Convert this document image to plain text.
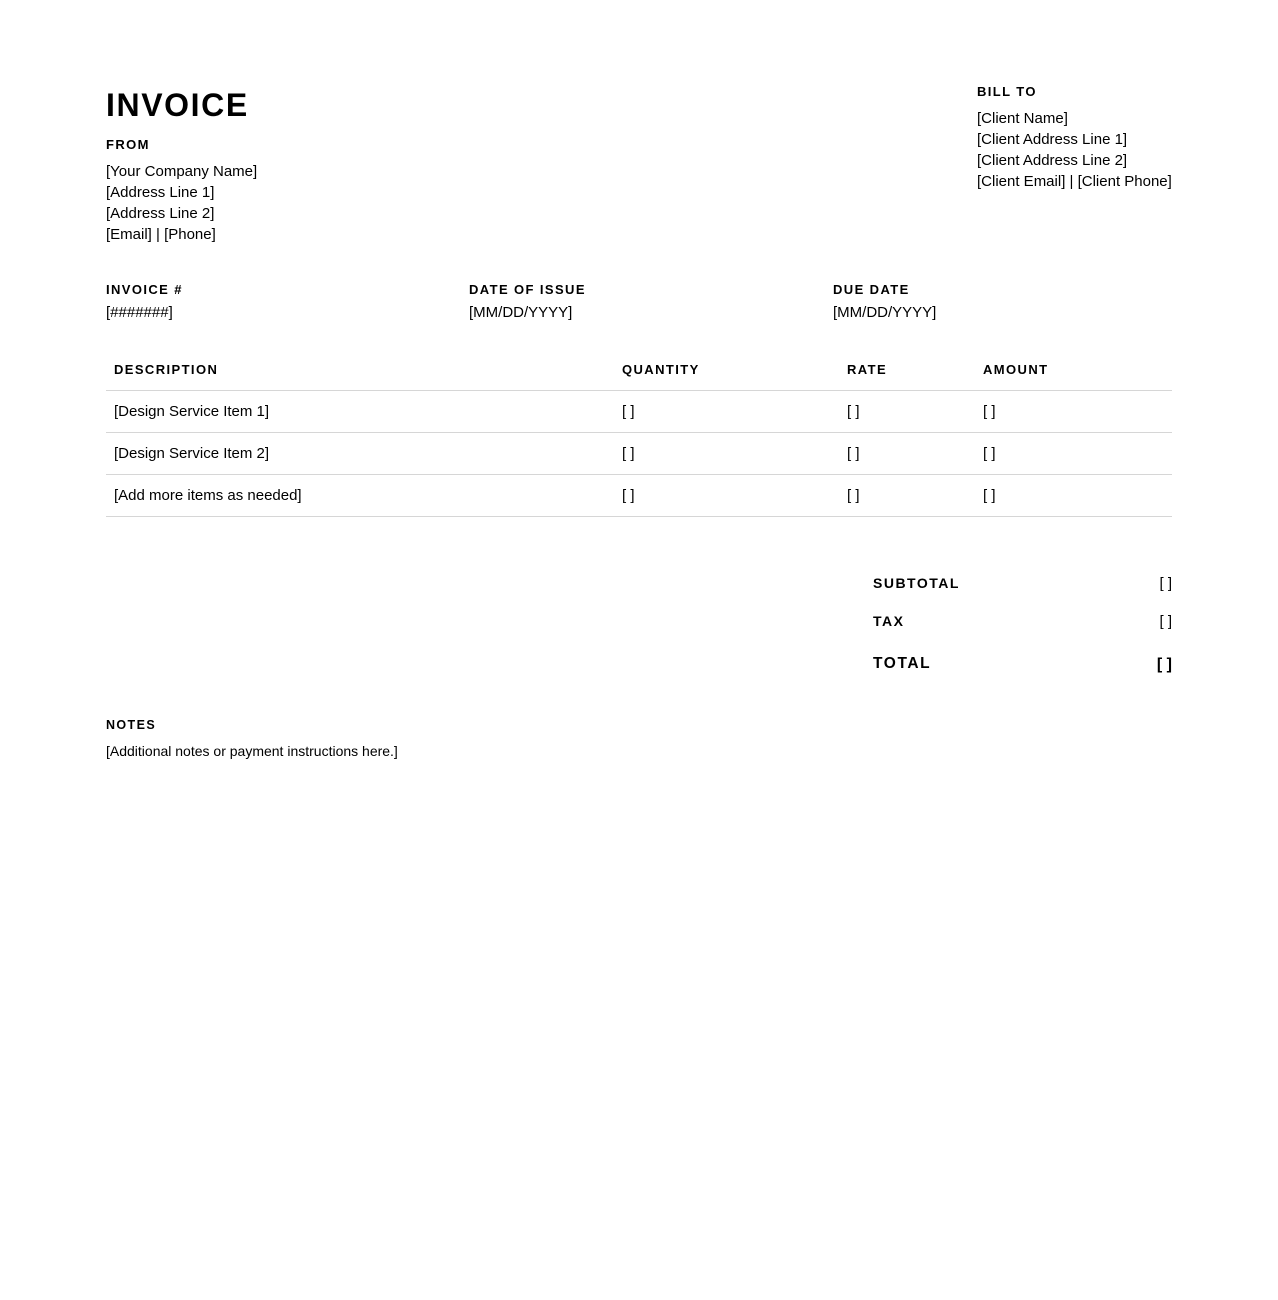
INVOICE
FROM
[Your Company Name]
[Address Line 1]
[Address Line 2]
[Email] | [Phone]
BILL TO
[Client Name]
[Client Address Line 1]
[Client Address Line 2]
[Client Email] | [Client Phone]
INVOICE #
[#######]
DATE OF ISSUE
[MM/DD/YYYY]
DUE DATE
[MM/DD/YYYY]
DESCRIPTION	QUANTITY	RATE	AMOUNT
[Design Service Item 1]	[ ]	[ ]	[ ]
[Design Service Item 2]	[ ]	[ ]	[ ]
[Add more items as needed]	[ ]	[ ]	[ ]
SUBTOTAL	[ ]
TAX	[ ]
TOTAL	[ ]
NOTES
[Additional notes or payment instructions here.]
